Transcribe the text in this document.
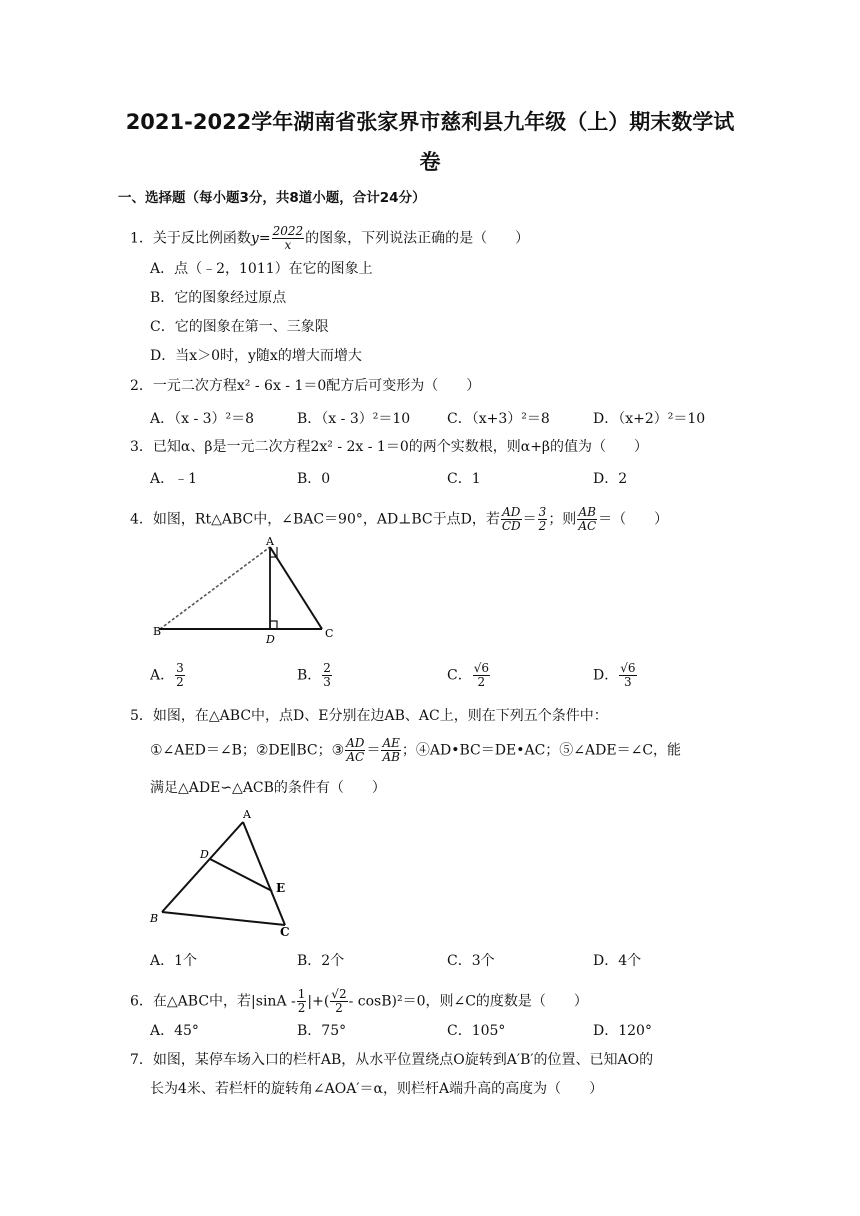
2021-2022学年湖南省张家界市慈利县九年级（上）期末数学试
卷
一、选择题（每小题3分，共8道小题，合计24分）
1．关于反比例函数$y= \frac{2022}{x}$ 的图象，下列说法正确的是（　　）
A．点（﹣2，1011）在它的图象上
B．它的图象经过原点
C．它的图象在第一、三象限
D．当x＞0时，y随x的增大而增大
2．一元二次方程x² - 6x - 1＝0配方后可变形为（　　）
A．（x - 3）²＝8	B．（x - 3）²＝10	C．（x+3）²＝8	D．（x+2）²＝10
3．已知α、β是一元二次方程2x² - 2x - 1＝0的两个实数根，则α+β的值为（　　）
A．﹣1	B．0	C．1	D．2
4．如图，Rt△ABC中，∠BAC＝90°，AD⊥BC于点D，若 $\frac{AD}{CD} = \frac{3}{2}$ ；则 $\frac{AB}{AC}$ ＝（　　）
A
B	C
D
A． $\frac{3}{2}$	B． $\frac{2}{3}$	C． $\frac{√6}{2}$	D． $\frac{√6}{3}$
5．如图，在△ABC中，点D、E分别在边AB、AC上，则在下列五个条件中：
①∠AED＝∠B；②DE∥BC；③ $\frac{AD}{AC} = \frac{AE}{AB}$ ；④AD•BC＝DE•AC；⑤∠ADE＝∠C，能
满足△ADE∽△ACB的条件有（　　）
A
B
C
D
E
A．1个	B．2个	C．3个	D．4个
6．在△ABC中，若$|\sin A - \frac{1}{2}$ |+( $\frac{√2}{2} - \cos B)^2=0$，则∠C的度数是（　　）
A．45°	B．75°	C．105°	D．120°
7．如图，某停车场入口的栏杆AB，从水平位置绕点O旋转到A′B′的位置、已知AO的
长为4米、若栏杆的旋转角∠AOA′＝α，则栏杆A端升高的高度为（　　）
